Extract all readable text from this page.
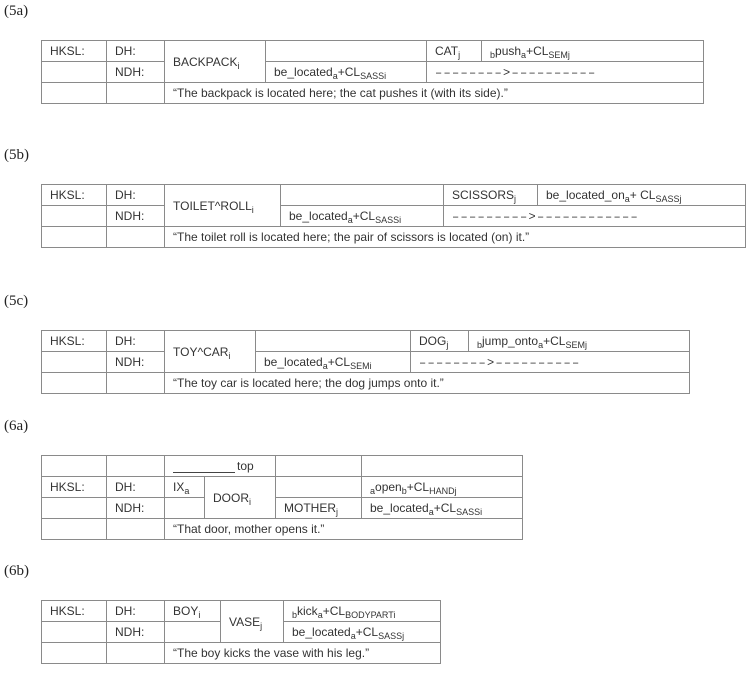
(5a)
HKSL:	DH:	$BACKPACK_i$		$CAT_j$	$_bpush_a+CL_{SEMj}$
	NDH:		$be\_located_a+CL_{SASSi}$	––––––––>––––––––––	
		“The backpack is located here; the cat pushes it (with its side).”			
(5b)
HKSL:	DH:	$TOILET\^{}ROLL_i$		$SCISSORS_j$	$be\_located\_on_a+ CL_{SASSj}$
	NDH:		$be\_located_a+CL_{SASSi}$	–––––––––>––––––––––––	
		“The toilet roll is located here; the pair of scissors is located (on) it.”			
(5c)
HKSL:	DH:	$TOY\^{}CAR_i$		$DOG_j$	$_bjump\_onto_a+CL_{SEMj}$
	NDH:		$be\_located_a+CL_{SEMi}$	––––––––>––––––––––	
		“The toy car is located here; the dog jumps onto it.”			
(6a)
		top			
HKSL:	DH:	$IX_a$	$DOOR_i$		$_aopen_b+CL_{HANDj}$
	NDH:			$MOTHER_j$	$be\_located_a+CL_{SASSi}$
		“That door, mother opens it.”			
(6b)
HKSL:	DH:	$BOY_i$	$VASE_j$	$_bkick_a+CL_{BODYPARTi}$
	NDH:			$be\_located_a+CL_{SASSj}$
		“The boy kicks the vase with his leg.”		
